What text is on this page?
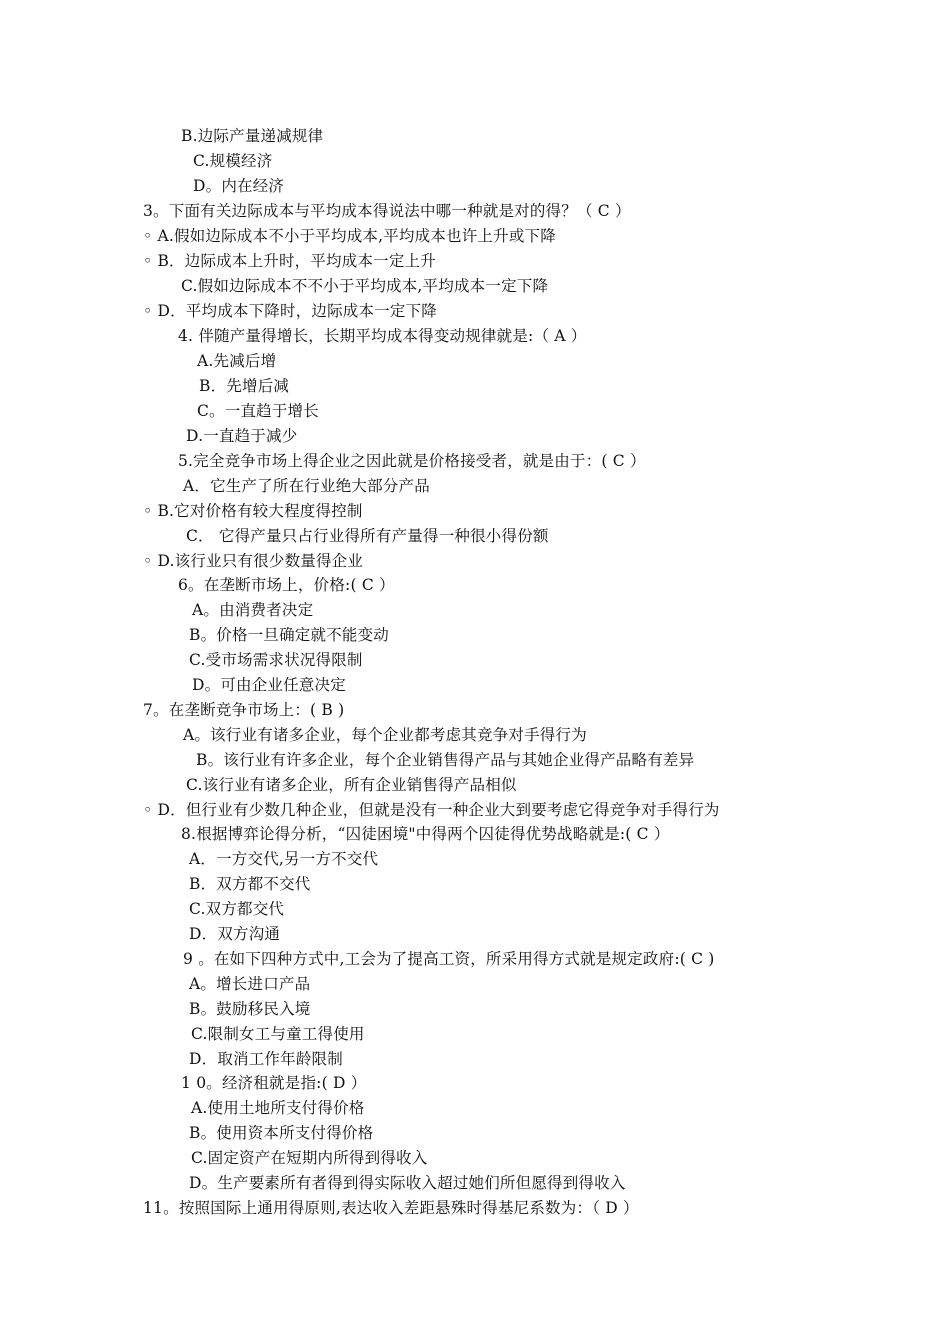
B.边际产量递减规律
C.规模经济
D。内在经济
3。下面有关边际成本与平均成本得说法中哪一种就是对的得？（ C ）
◦ A.假如边际成本不小于平均成本,平均成本也许上升或下降
◦ B．边际成本上升时，平均成本一定上升
C.假如边际成本不不小于平均成本,平均成本一定下降
◦ D．平均成本下降时，边际成本一定下降
4. 伴随产量得增长，长期平均成本得变动规律就是:（ A ）
A.先减后增
B．先增后减
C。一直趋于增长
D.一直趋于减少
5.完全竞争市场上得企业之因此就是价格接受者，就是由于：( C ）
A．它生产了所在行业绝大部分产品
◦ B.它对价格有较大程度得控制
C． 它得产量只占行业得所有产量得一种很小得份额
◦ D.该行业只有很少数量得企业
6。在垄断市场上，价格:( C ）
A。由消费者决定
B。价格一旦确定就不能变动
C.受市场需求状况得限制
D。可由企业任意决定
7。在垄断竞争市场上：( B )
A。该行业有诸多企业，每个企业都考虑其竞争对手得行为
B。该行业有许多企业，每个企业销售得产品与其她企业得产品略有差异
C.该行业有诸多企业，所有企业销售得产品相似
◦ D．但行业有少数几种企业，但就是没有一种企业大到要考虑它得竞争对手得行为
8.根据博弈论得分析，“囚徒困境"中得两个囚徒得优势战略就是:( C ）
A．一方交代,另一方不交代
B．双方都不交代
C.双方都交代
D．双方沟通
9 。在如下四种方式中,工会为了提高工资，所采用得方式就是规定政府:( C )
A。增长进口产品
B。鼓励移民入境
C.限制女工与童工得使用
D．取消工作年龄限制
1 0。经济租就是指:( D ）
A.使用土地所支付得价格
B。使用资本所支付得价格
C.固定资产在短期内所得到得收入
D。生产要素所有者得到得实际收入超过她们所但愿得到得收入
11。按照国际上通用得原则,表达收入差距悬殊时得基尼系数为：（ D ）
